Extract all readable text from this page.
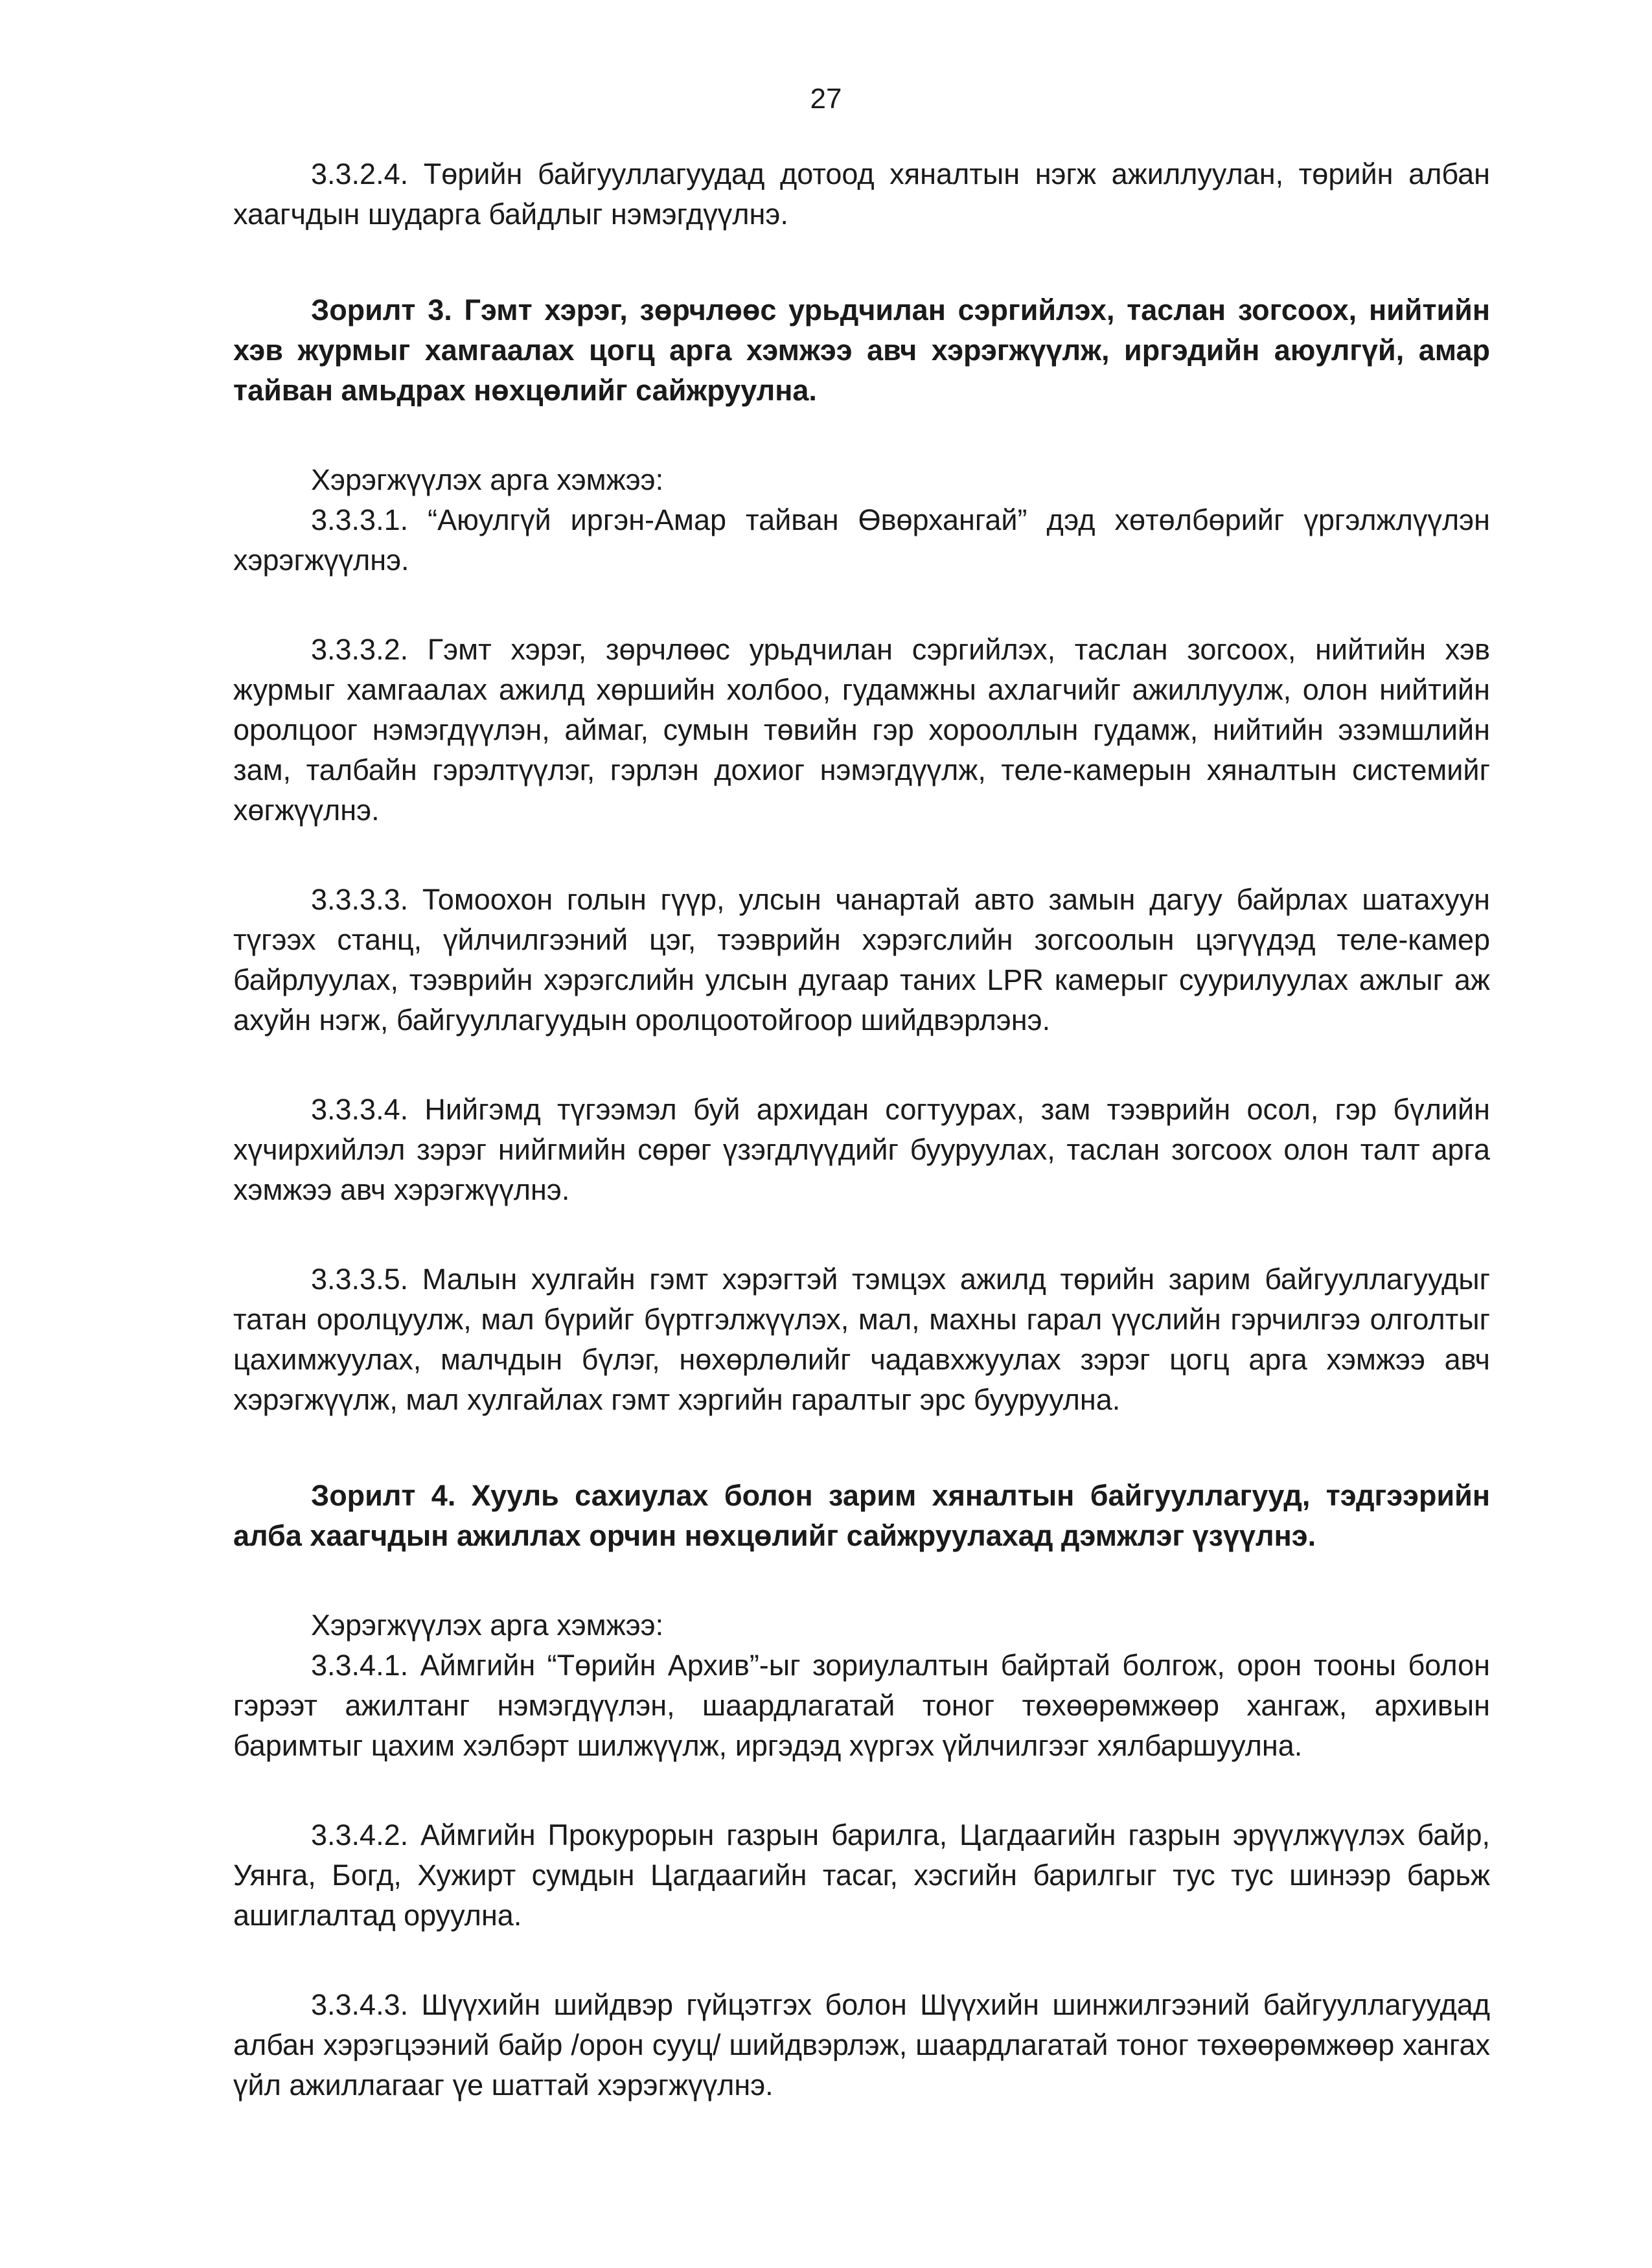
27

3.3.2.4. Төрийн байгууллагуудад дотоод хяналтын нэгж ажиллуулан, төрийн албан хаагчдын шударга байдлыг нэмэгдүүлнэ.

Зорилт 3. Гэмт хэрэг, зөрчлөөс урьдчилан сэргийлэх, таслан зогсоох, нийтийн хэв журмыг хамгаалах цогц арга хэмжээ авч хэрэгжүүлж, иргэдийн аюулгүй, амар тайван амьдрах нөхцөлийг сайжруулна.

Хэрэгжүүлэх арга хэмжээ:

3.3.3.1. “Аюулгүй иргэн-Амар тайван Өвөрхангай” дэд хөтөлбөрийг үргэлжлүүлэн хэрэгжүүлнэ.

3.3.3.2. Гэмт хэрэг, зөрчлөөс урьдчилан сэргийлэх, таслан зогсоох, нийтийн хэв журмыг хамгаалах ажилд хөршийн холбоо, гудамжны ахлагчийг ажиллуулж, олон нийтийн оролцоог нэмэгдүүлэн, аймаг, сумын төвийн гэр хорооллын гудамж, нийтийн эзэмшлийн зам, талбайн гэрэлтүүлэг, гэрлэн дохиог нэмэгдүүлж, теле-камерын хяналтын системийг хөгжүүлнэ.

3.3.3.3. Томоохон голын гүүр, улсын чанартай авто замын дагуу байрлах шатахуун түгээх станц, үйлчилгээний цэг, тээврийн хэрэгслийн зогсоолын цэгүүдэд теле-камер байрлуулах, тээврийн хэрэгслийн улсын дугаар таних LPR камерыг суурилуулах ажлыг аж ахуйн нэгж, байгууллагуудын оролцоотойгоор шийдвэрлэнэ.

3.3.3.4. Нийгэмд түгээмэл буй архидан согтуурах, зам тээврийн осол, гэр бүлийн хүчирхийлэл зэрэг нийгмийн сөрөг үзэгдлүүдийг бууруулах, таслан зогсоох олон талт арга хэмжээ авч хэрэгжүүлнэ.

3.3.3.5. Малын хулгайн гэмт хэрэгтэй тэмцэх ажилд төрийн зарим байгууллагуудыг татан оролцуулж, мал бүрийг бүртгэлжүүлэх, мал, махны гарал үүслийн гэрчилгээ олголтыг цахимжуулах, малчдын бүлэг, нөхөрлөлийг чадавхжуулах зэрэг цогц арга хэмжээ авч хэрэгжүүлж, мал хулгайлах гэмт хэргийн гаралтыг эрс бууруулна.

Зорилт 4. Хууль сахиулах болон зарим хяналтын байгууллагууд, тэдгээрийн алба хаагчдын ажиллах орчин нөхцөлийг сайжруулахад дэмжлэг үзүүлнэ.

Хэрэгжүүлэх арга хэмжээ:

3.3.4.1. Аймгийн “Төрийн Архив”-ыг зориулалтын байртай болгож, орон тооны болон гэрээт ажилтанг нэмэгдүүлэн, шаардлагатай тоног төхөөрөмжөөр хангаж, архивын баримтыг цахим хэлбэрт шилжүүлж, иргэдэд хүргэх үйлчилгээг хялбаршуулна.

3.3.4.2. Аймгийн Прокурорын газрын барилга, Цагдаагийн газрын эрүүлжүүлэх байр, Уянга, Богд, Хужирт сумдын Цагдаагийн тасаг, хэсгийн барилгыг тус тус шинээр барьж ашиглалтад оруулна.

3.3.4.3. Шүүхийн шийдвэр гүйцэтгэх болон Шүүхийн шинжилгээний байгууллагуудад албан хэрэгцээний байр /орон сууц/ шийдвэрлэж, шаардлагатай тоног төхөөрөмжөөр хангах үйл ажиллагааг үе шаттай хэрэгжүүлнэ.
